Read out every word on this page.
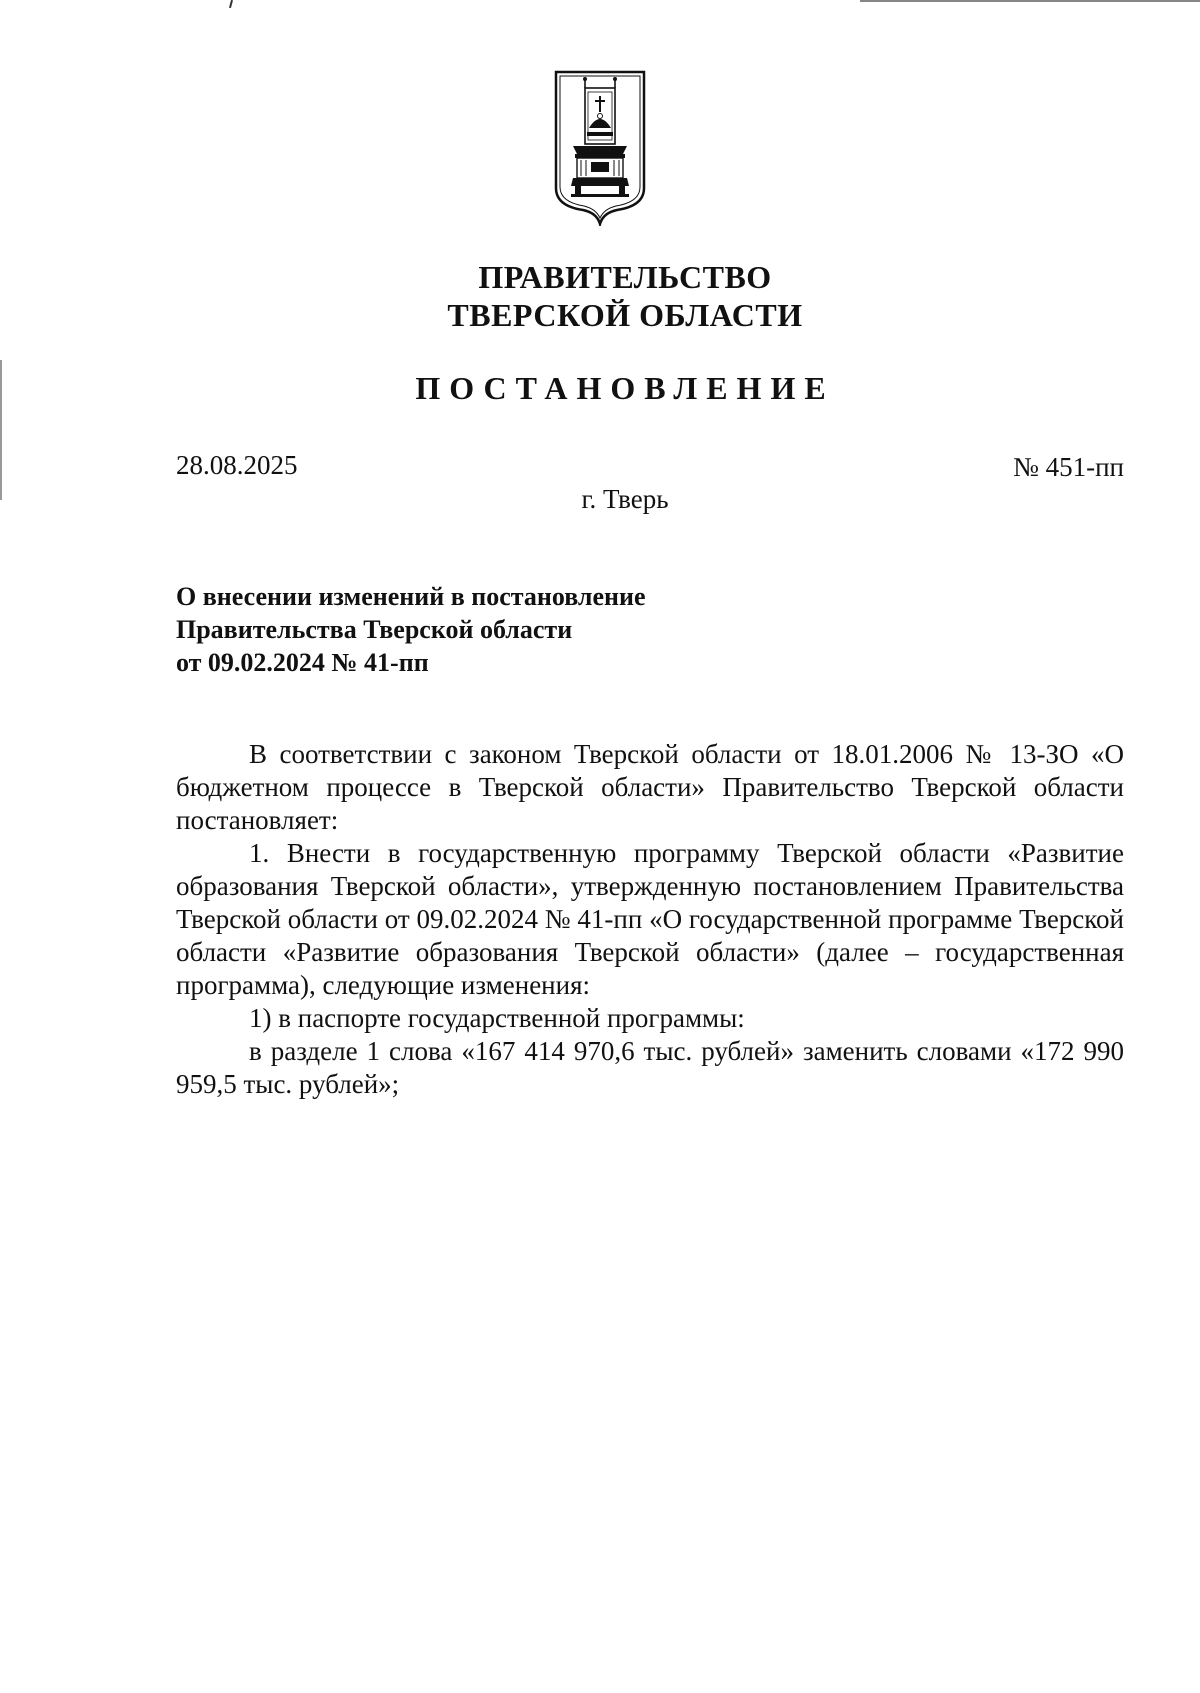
ПРАВИТЕЛЬСТВО
ТВЕРСКОЙ ОБЛАСТИ
ПОСТАНОВЛЕНИЕ
28.08.2025	№ 451-пп
г. Тверь
О внесении изменений в постановление
Правительства Тверской области
от 09.02.2024 № 41-пп

В соответствии с законом Тверской области от 18.01.2006 № 13-ЗО «О бюджетном процессе в Тверской области» Правительство Тверской области постановляет:

1. Внести в государственную программу Тверской области «Развитие образования Тверской области», утвержденную постановлением Правительства Тверской области от 09.02.2024 № 41-пп «О государственной программе Тверской области «Развитие образования Тверской области» (далее – государственная программа), следующие изменения:

1) в паспорте государственной программы:

в разделе 1 слова «167 414 970,6 тыс. рублей» заменить словами «172 990 959,5 тыс. рублей»;
